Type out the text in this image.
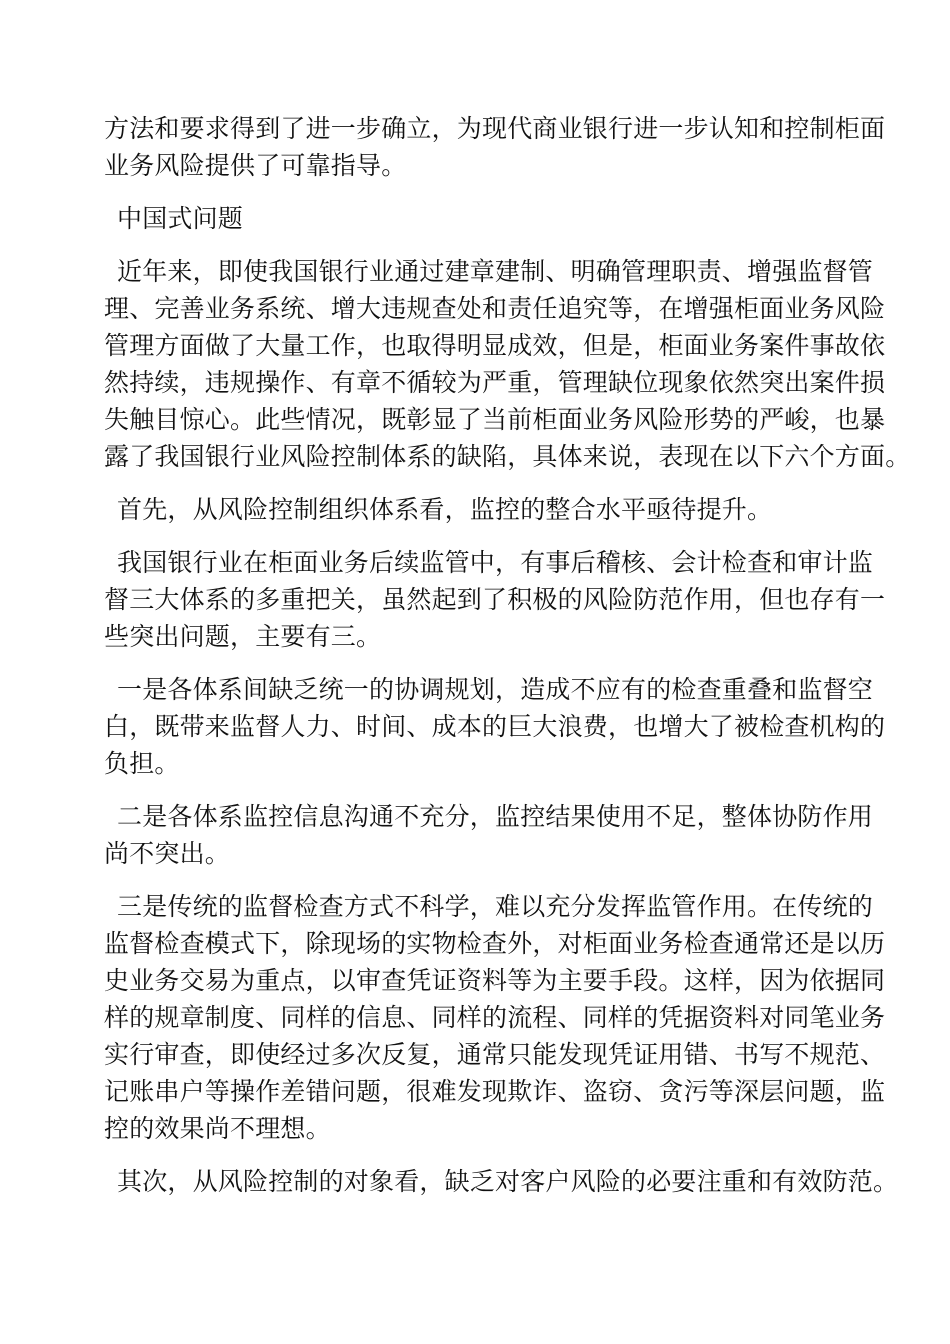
方法和要求得到了进一步确立，为现代商业银行进一步认知和控制柜面
业务风险提供了可靠指导。

中国式问题

近年来，即使我国银行业通过建章建制、明确管理职责、增强监督管
理、完善业务系统、增大违规查处和责任追究等，在增强柜面业务风险
管理方面做了大量工作，也取得明显成效，但是，柜面业务案件事故依
然持续，违规操作、有章不循较为严重，管理缺位现象依然突出案件损
失触目惊心。此些情况，既彰显了当前柜面业务风险形势的严峻，也暴
露了我国银行业风险控制体系的缺陷，具体来说，表现在以下六个方面。

首先，从风险控制组织体系看，监控的整合水平亟待提升。

我国银行业在柜面业务后续监管中，有事后稽核、会计检查和审计监
督三大体系的多重把关，虽然起到了积极的风险防范作用，但也存有一
些突出问题，主要有三。

一是各体系间缺乏统一的协调规划，造成不应有的检查重叠和监督空
白，既带来监督人力、时间、成本的巨大浪费，也增大了被检查机构的
负担。

二是各体系监控信息沟通不充分，监控结果使用不足，整体协防作用
尚不突出。

三是传统的监督检查方式不科学，难以充分发挥监管作用。在传统的
监督检查模式下，除现场的实物检查外，对柜面业务检查通常还是以历
史业务交易为重点，以审查凭证资料等为主要手段。这样，因为依据同
样的规章制度、同样的信息、同样的流程、同样的凭据资料对同笔业务
实行审查，即使经过多次反复，通常只能发现凭证用错、书写不规范、
记账串户等操作差错问题，很难发现欺诈、盗窃、贪污等深层问题，监
控的效果尚不理想。

其次，从风险控制的对象看，缺乏对客户风险的必要注重和有效防范。
